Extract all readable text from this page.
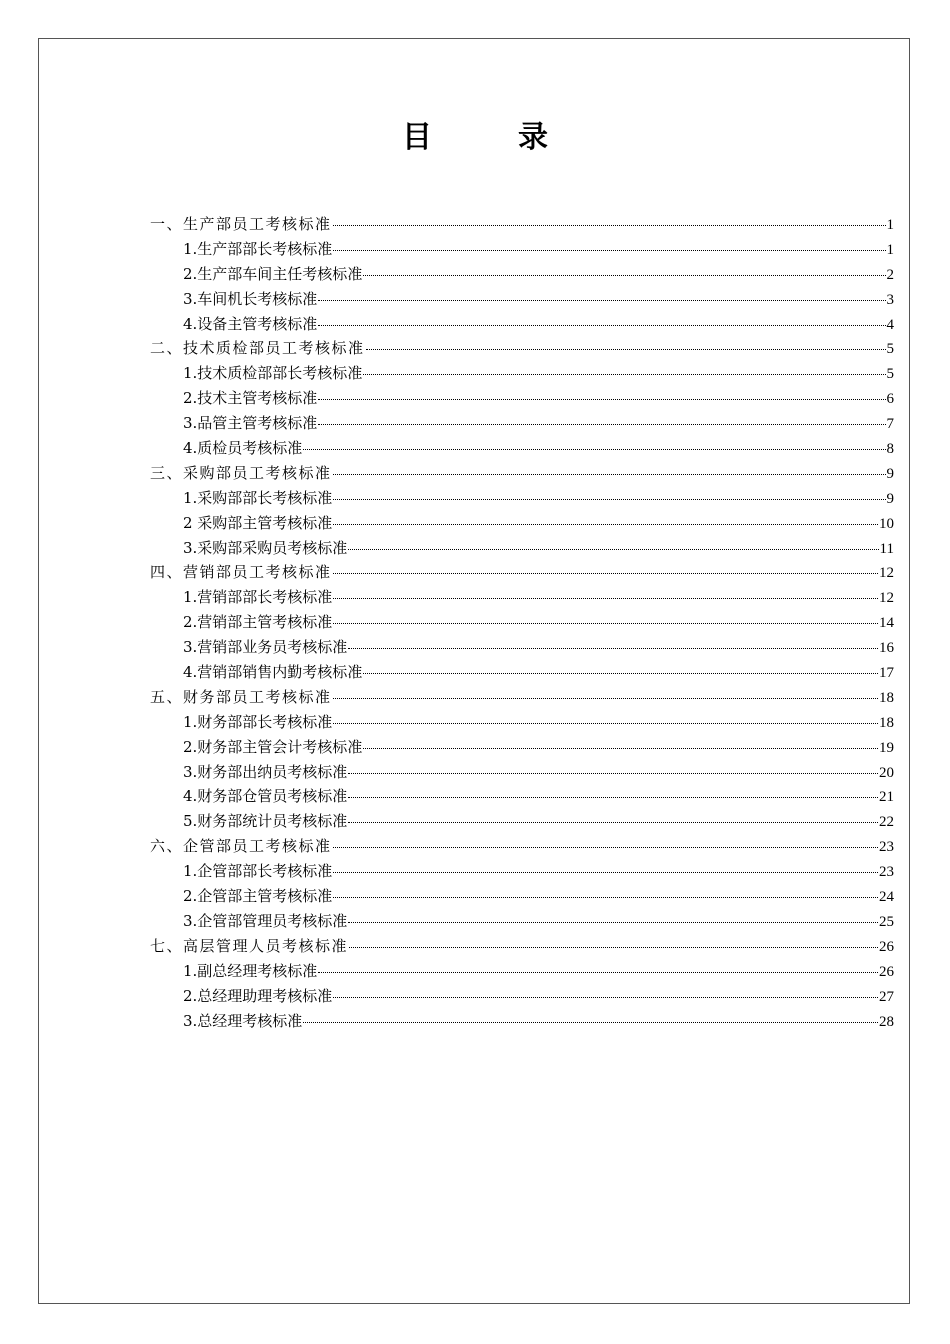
目　录
一、生产部员工考核标准	1
1.生产部部长考核标准	1
2.生产部车间主任考核标准	2
3.车间机长考核标准	3
4.设备主管考核标准	4
二、技术质检部员工考核标准	5
1.技术质检部部长考核标准	5
2.技术主管考核标准	6
3.品管主管考核标准	7
4.质检员考核标准	8
三、采购部员工考核标准	9
1.采购部部长考核标准	9
2 采购部主管考核标准	10
3.采购部采购员考核标准	11
四、营销部员工考核标准	12
1.营销部部长考核标准	12
2.营销部主管考核标准	14
3.营销部业务员考核标准	16
4.营销部销售内勤考核标准	17
五、财务部员工考核标准	18
1.财务部部长考核标准	18
2.财务部主管会计考核标准	19
3.财务部出纳员考核标准	20
4.财务部仓管员考核标准	21
5.财务部统计员考核标准	22
六、企管部员工考核标准	23
1.企管部部长考核标准	23
2.企管部主管考核标准	24
3.企管部管理员考核标准	25
七、高层管理人员考核标准	26
1.副总经理考核标准	26
2.总经理助理考核标准	27
3.总经理考核标准	28
